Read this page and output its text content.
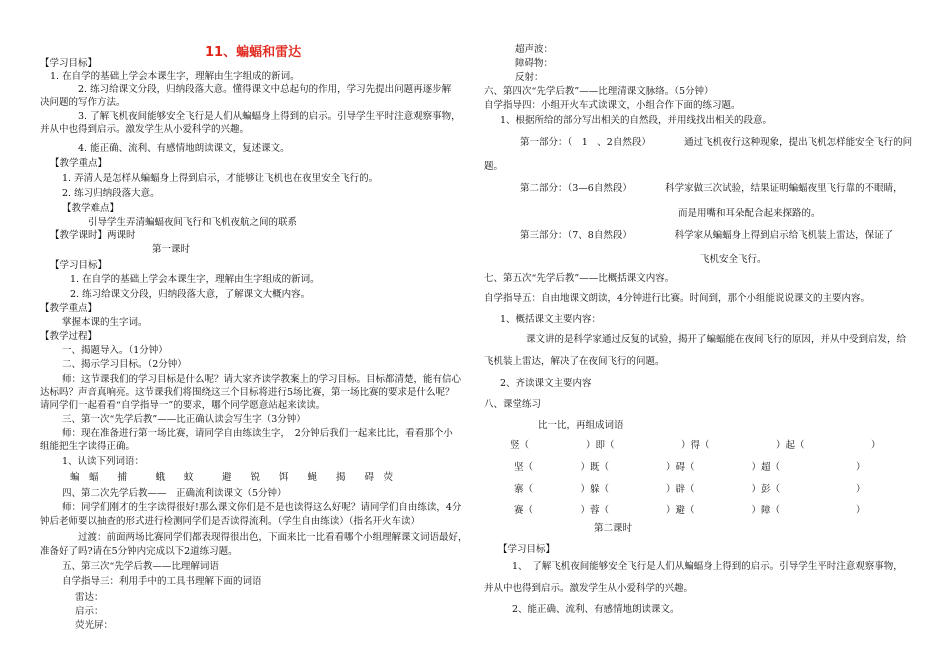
11、蝙蝠和雷达
【学习目标】
1. 在自学的基础上学会本课生字，理解由生字组成的新词。
2. 练习给课文分段，归纳段落大意。懂得课文中总起句的作用，学习先提出问题再逐步解
决问题的写作方法。
3. 了解飞机夜间能够安全飞行是人们从蝙蝠身上得到的启示。引导学生平时注意观察事物，
并从中也得到启示。激发学生从小爱科学的兴趣。
4. 能正确、流利、有感情地朗读课文，复述课文。
【教学重点】
1. 弄清人是怎样从蝙蝠身上得到启示，才能够让飞机也在夜里安全飞行的。
2. 练习归纳段落大意。
【教学难点】
引导学生弄清蝙蝠夜间飞行和飞机夜航之间的联系
【教学课时】两课时
第一课时
【学习目标】
1. 在自学的基础上学会本课生字，理解由生字组成的新词。
2. 练习给课文分段，归纳段落大意，了解课文大概内容。
【教学重点】
掌握本课的生字词。
【教学过程】
一、揭题导入。（1分钟）
二、揭示学习目标。（2分钟）
师：这节课我们的学习目标是什么呢？请大家齐读学教案上的学习目标。目标都清楚，能有信心
达标吗？声音真响亮。这节课我们将围绕这三个目标将进行5场比赛，第一场比赛的要求是什么呢？
请同学们一起看看“自学指导一”的要求，哪个同学愿意站起来读读。
三、第一次“先学后教”——比正确认读会写生字（3分钟）
师：现在准备进行第一场比赛，请同学自由练读生字，　2分钟后我们一起来比比，看看那个小
组能把生字读得正确。
1、认读下列词语：
蝙　蝠　　捕　　　蛾　　蚊　　　避　　锐　　饵　　蝇　　揭　　碍　荧
四、第二次先学后教——　正确流利读课文（5分钟）
师：同学们刚才的生字读得很好!那么课文你们是不是也读得这么好呢？请同学们自由练读，4分
钟后老师要以抽查的形式进行检测同学们是否读得流利。（学生自由练读）（指名开火车读）
过渡：前面两场比赛同学们都表现得很出色，下面来比一比看看哪个小组理解课文词语最好，
准备好了吗?请在5分钟内完成以下2道练习题。
五、第三次“先学后教——比理解词语
自学指导三：利用手中的工具书理解下面的词语
雷达：
启示：
荧光屏：
超声波：
障碍物：
反射：
六、第四次“先学后教”——比理清课文脉络。（5分钟）
自学指导四：小组开火车式读课文，小组合作下面的练习题。
1、根据所给的部分写出相关的自然段，并用线找出相关的段意。
第一部分：（　1　、2自然段）　　　　通过飞机夜行这种现象，提出飞机怎样能安全飞行的问
题。
第二部分：（3—6自然段）　　　　科学家做三次试验，结果证明蝙蝠夜里飞行靠的不眼睛，
而是用嘴和耳朵配合起来探路的。
第三部分：（7、8自然段）　　　　　科学家从蝙蝠身上得到启示给飞机装上雷达，保证了
飞机安全飞行。
七、第五次“先学后教”——比概括课文内容。
自学指导五：自由地课文朗读，4分钟进行比赛。时间到，那个小组能说说课文的主要内容。
1、概括课文主要内容：
课文讲的是科学家通过反复的试验，揭开了蝙蝠能在夜间飞行的原因，并从中受到启发，给
飞机装上雷达，解决了在夜间飞行的问题。
2、齐读课文主要内容
八、课堂练习
比一比，再组成词语
竖（　　　　　　）即（　　　　　　　）得（　　　　　　　）起（　　　　　　　）
坚（　　　　　）既（　　　　　　）碍（　　　　　　）超（　　　　　　　　）
寨（　　　　　）躲（　　　　　　）辟（　　　　　　）彭（　　　　　　　　）
赛（　　　　　）蓉（　　　　　　）避（　　　　　　）障（　　　　　　　　）
第二课时
【学习目标】
1、　了解飞机夜间能够安全飞行是人们从蝙蝠身上得到的启示。引导学生平时注意观察事物，
并从中也得到启示。激发学生从小爱科学的兴趣。
2、能正确、流利、有感情地朗读课文。
